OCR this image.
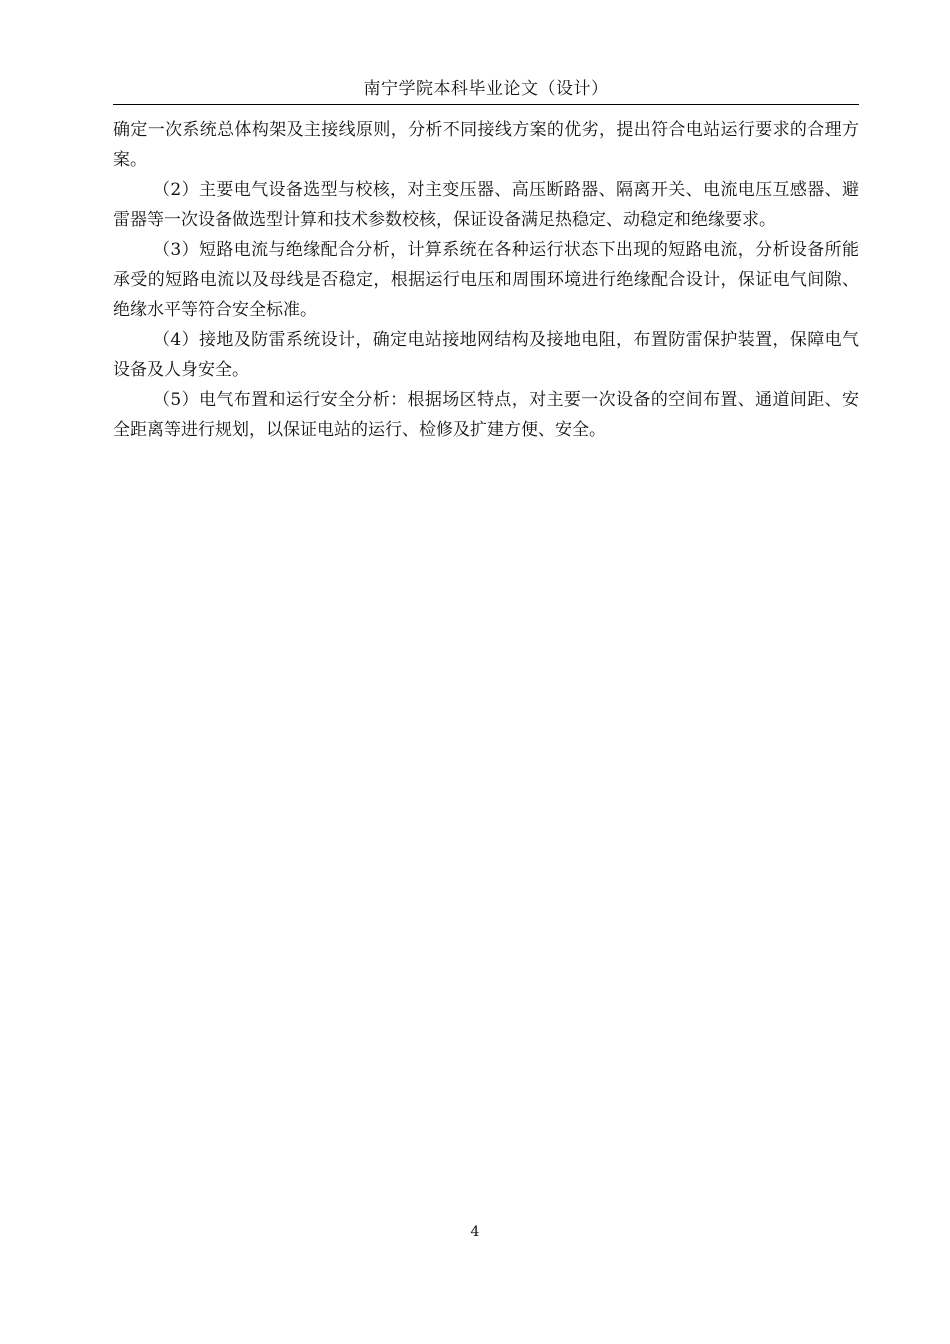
南宁学院本科毕业论文（设计）

确定一次系统总体构架及主接线原则，分析不同接线方案的优劣，提出符合电站运行要求的合理方案。

（2）主要电气设备选型与校核，对主变压器、高压断路器、隔离开关、电流电压互感器、避雷器等一次设备做选型计算和技术参数校核，保证设备满足热稳定、动稳定和绝缘要求。

（3）短路电流与绝缘配合分析，计算系统在各种运行状态下出现的短路电流，分析设备所能承受的短路电流以及母线是否稳定，根据运行电压和周围环境进行绝缘配合设计，保证电气间隙、绝缘水平等符合安全标准。

（4）接地及防雷系统设计，确定电站接地网结构及接地电阻，布置防雷保护装置，保障电气设备及人身安全。

（5）电气布置和运行安全分析：根据场区特点，对主要一次设备的空间布置、通道间距、安全距离等进行规划，以保证电站的运行、检修及扩建方便、安全。

4
